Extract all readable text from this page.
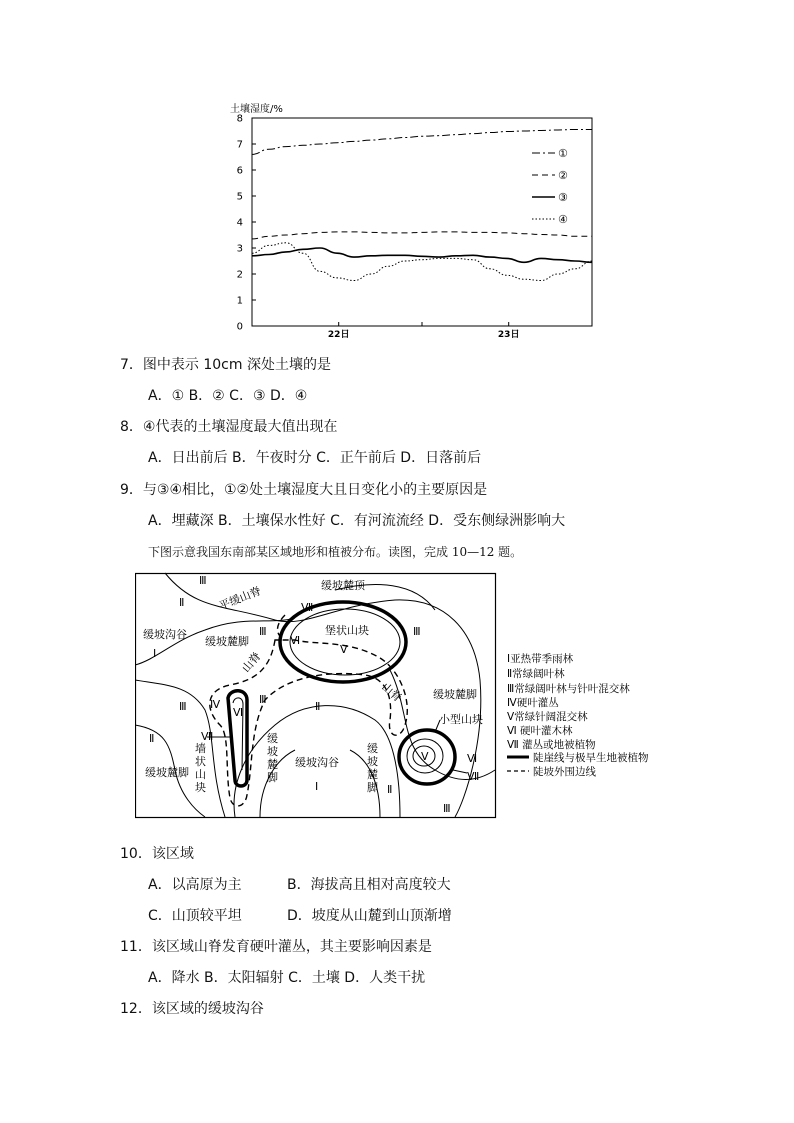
土壤湿度/%
0
1
2
3
4
5
6
7
8
22日	23日
①
②
③
④
7．图中表示 10cm 深处土壤的是
A．① B．② C．③ D．④
8．④代表的土壤湿度最大值出现在
A．日出前后 B．午夜时分 C．正午前后 D．日落前后
9．与③④相比，①②处土壤湿度大且日变化小的主要原因是
A．埋藏深 B．土壤保水性好 C．有河流流经 D．受东侧绿洲影响大
下图示意我国东南部某区域地形和植被分布。读图，完成 10—12 题。
缓坡麓顶
平缓山脊
缓坡沟谷
缓坡麓脚
堡状山块
山脊
山脊	缓坡麓脚
小型山块
缓坡麓脚
缓坡沟谷
墙状山块
缓坡麓脚
缓坡麓脚
Ⅲ
Ⅱ	Ⅶ
Ⅰ
Ⅲ
Ⅵ
Ⅴ
Ⅲ
Ⅳ
Ⅵ
Ⅲ
Ⅲ
Ⅱ
Ⅱ	Ⅶ
Ⅰ	Ⅱ
Ⅴ	Ⅵ
Ⅶ
Ⅲ
Ⅰ亚热带季雨林
Ⅱ常绿阔叶林
Ⅲ常绿阔叶林与针叶混交林
Ⅳ硬叶灌丛
Ⅴ常绿针阔混交林
Ⅵ 硬叶灌木林
Ⅶ 灌丛或地被植物
陡崖线与极旱生地被植物
陡坡外围边线
10．该区域
A．以高原为主	B．海拔高且相对高度较大
C．山顶较平坦	D．坡度从山麓到山顶渐增
11．该区域山脊发育硬叶灌丛，其主要影响因素是
A．降水 B．太阳辐射 C．土壤 D．人类干扰
12．该区域的缓坡沟谷
